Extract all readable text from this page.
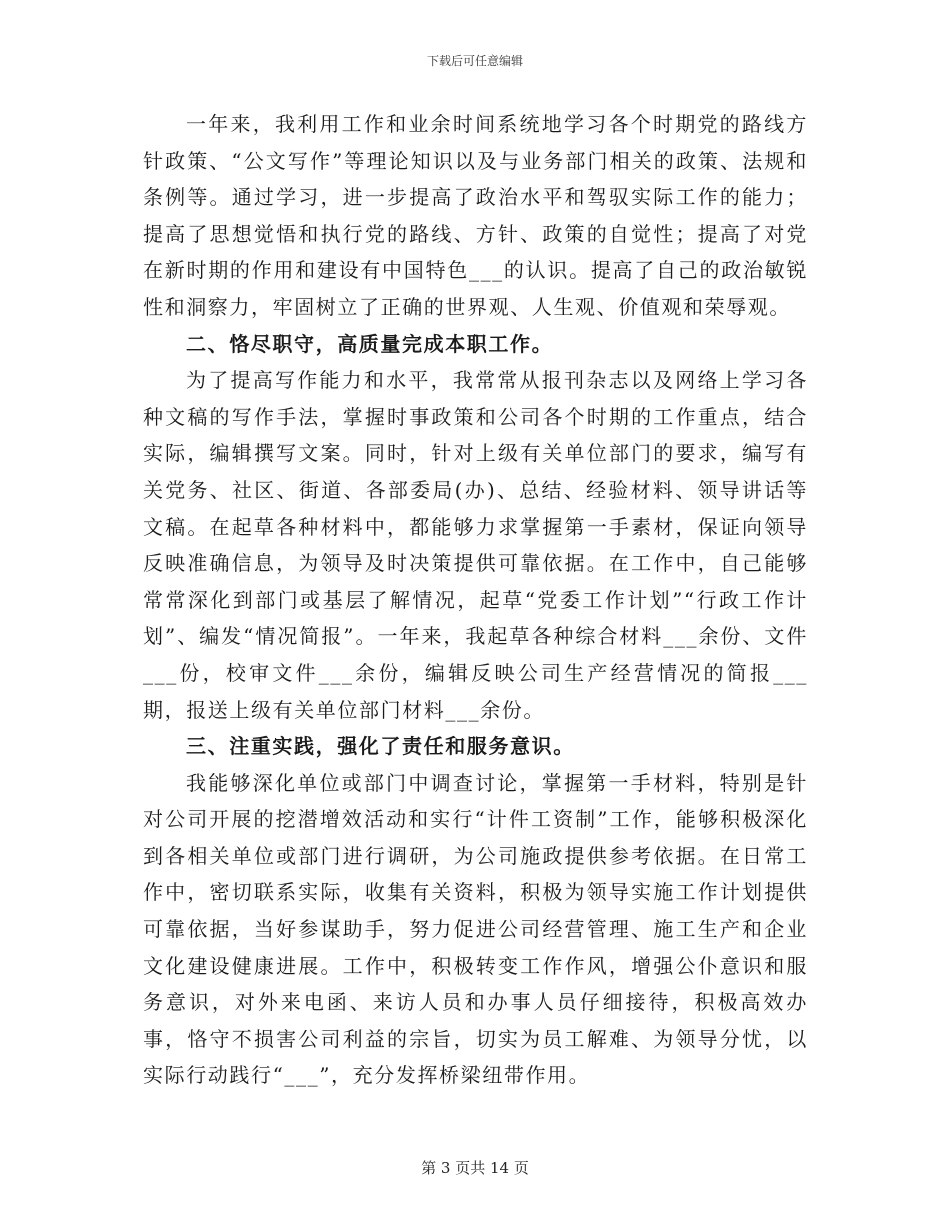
下载后可任意编辑

一年来，我利用工作和业余时间系统地学习各个时期党的路线方针政策、“公文写作”等理论知识以及与业务部门相关的政策、法规和条例等。通过学习，进一步提高了政治水平和驾驭实际工作的能力；提高了思想觉悟和执行党的路线、方针、政策的自觉性；提高了对党在新时期的作用和建设有中国特色___的认识。提高了自己的政治敏锐性和洞察力，牢固树立了正确的世界观、人生观、价值观和荣辱观。

二、恪尽职守，高质量完成本职工作。

为了提高写作能力和水平，我常常从报刊杂志以及网络上学习各种文稿的写作手法，掌握时事政策和公司各个时期的工作重点，结合实际，编辑撰写文案。同时，针对上级有关单位部门的要求，编写有关党务、社区、街道、各部委局(办)、总结、经验材料、领导讲话等文稿。在起草各种材料中，都能够力求掌握第一手素材，保证向领导反映准确信息，为领导及时决策提供可靠依据。在工作中，自己能够常常深化到部门或基层了解情况，起草“党委工作计划”“行政工作计划”、编发“情况简报”。一年来，我起草各种综合材料___余份、文件___份，校审文件___余份，编辑反映公司生产经营情况的简报___期，报送上级有关单位部门材料___余份。

三、注重实践，强化了责任和服务意识。

我能够深化单位或部门中调查讨论，掌握第一手材料，特别是针对公司开展的挖潜增效活动和实行“计件工资制”工作，能够积极深化到各相关单位或部门进行调研，为公司施政提供参考依据。在日常工作中，密切联系实际，收集有关资料，积极为领导实施工作计划提供可靠依据，当好参谋助手，努力促进公司经营管理、施工生产和企业文化建设健康进展。工作中，积极转变工作作风，增强公仆意识和服务意识，对外来电函、来访人员和办事人员仔细接待，积极高效办事，恪守不损害公司利益的宗旨，切实为员工解难、为领导分忧，以实际行动践行“___”，充分发挥桥梁纽带作用。

第 3 页共 14 页
